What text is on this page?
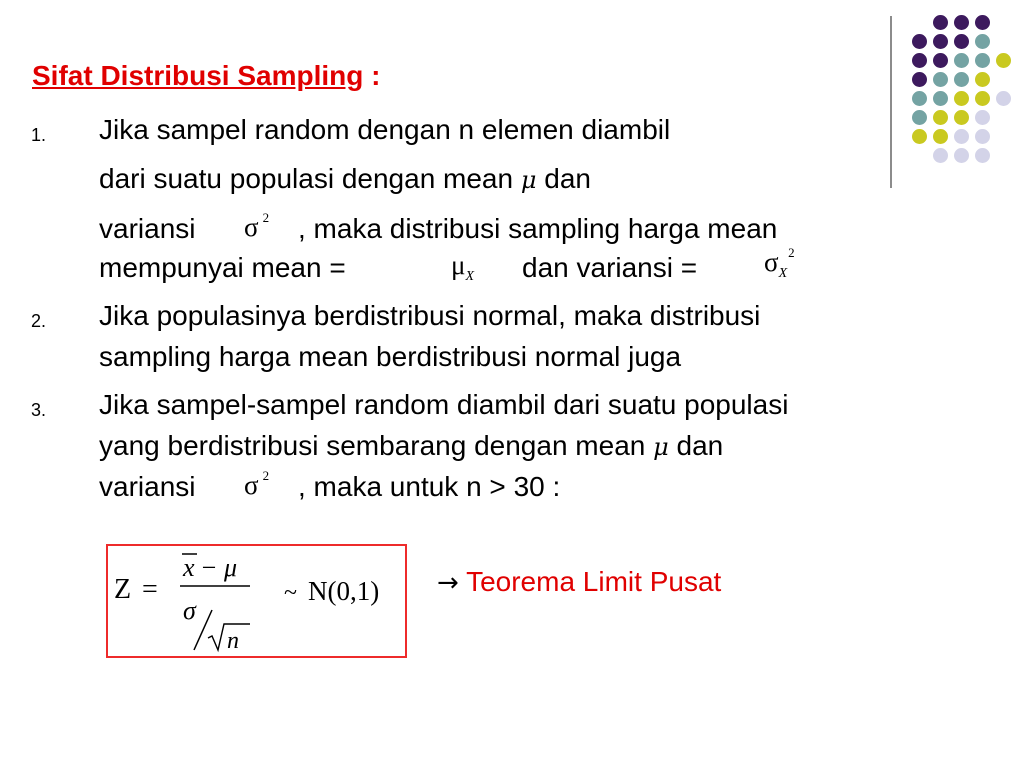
Sifat Distribusi Sampling :
1. Jika sampel random dengan n elemen diambil
dari suatu populasi dengan mean μ dan
variansi σ $^2$ , maka distribusi sampling harga mean
mempunyai mean =	μX dan variansi = $\sigma X^2$
2. Jika populasinya berdistribusi normal, maka distribusi
sampling harga mean berdistribusi normal juga
3. Jika sampel-sampel random diambil dari suatu populasi
yang berdistribusi sembarang dengan mean μ dan
variansi σ $^2$ , maka untuk n > 30 :
Z =
x − μ
σ
n
~ N(0,1) → Teorema Limit Pusat
